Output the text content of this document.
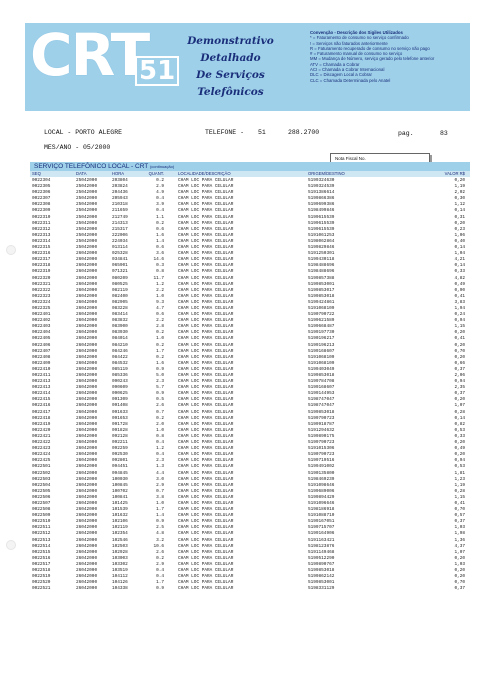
CRT
51
Demonstrativo Detalhado
De Serviços Telefônicos
Convenção - Descrição dos Sigiles Utilizados
* = Faturamento de consumo no serviço confirmado
! = Serviços não faturados anteriormente
R = Faturamento recuperado de consumo no serviço não pago
# = Faturamento manual de consumo no serviço
MM = Mudança de Número, serviço gerado pelo telefone anterior
ATV = Chamada a Cobrar
ACI = Chamada a Cobrar Internacional
DLC = Discagem Local a Cobrar
CLC = Chamada Determinada pelo Anatel
LOCAL - PORTO ALEGRE	TELEFONE - 51	288.2700	pag.	83
MES/ANO - 05/2000
Nota Fiscal No.
SERVIÇO TELEFÔNICO LOCAL - CRT (continuação)
SEQ	DATA	HORA	QUANT.	LOCALIDADE/DESCRIÇÃO	ORIGEM/DESTINO	VALOR R$
0022304	25042000	203804	0.2	CHAM LOC PARA CELULAR	5199324630	0,20
0022305	25042000	203824	2.9	CHAM LOC PARA CELULAR	5199324539	1,19
0022306	25042000	204436	4.9	CHAM LOC PARA CELULAR	5191386614	2,02
0022307	25042000	205943	0.4	CHAM LOC PARA CELULAR	5199866386	0,30
0022308	25042000	210318	3.9	CHAM LOC PARA CELULAR	5199699386	1,12
0022309	25042000	211659	0.4	CHAM LOC PARA CELULAR	5198499846	0,14
0022310	25042000	212749	1.1	CHAM LOC PARA CELULAR	5199615539	0,31
0022311	25042000	214313	0.2	CHAM LOC PARA CELULAR	5199615539	0,20
0022312	25042000	215317	0.6	CHAM LOC PARA CELULAR	5199615539	0,23
0022313	25042000	222006	1.6	CHAM LOC PARA CELULAR	5191061253	1,06
0022314	25042000	224034	1.4	CHAM LOC PARA CELULAR	5198062864	0,40
0022315	25042000	013114	0.6	CHAM LOC PARA CELULAR	5199829846	0,14
0022316	26042000	025328	3.6	CHAM LOC PARA CELULAR	5191250301	1,04
0022317	26042000	034841	14.6	CHAM LOC PARA CELULAR	5199430118	4,21
0022318	26042000	065901	0.3	CHAM LOC PARA CELULAR	5198488696	0,14
0022319	26042000	071321	0.8	CHAM LOC PARA CELULAR	5198488696	0,33
0022320	26042000	080209	11.7	CHAM LOC PARA CELULAR	5199857388	4,82
0022321	26042000	080525	1.2	CHAM LOC PARA CELULAR	5199853001	0,49
0022322	26042000	082119	2.2	CHAM LOC PARA CELULAR	5199853017	0,90
0022323	26042000	082400	1.0	CHAM LOC PARA CELULAR	5199853018	0,41
0022324	26042000	082905	9.3	CHAM LOC PARA CELULAR	5199424861	3,83
0022325	26042000	083228	4.7	CHAM LOC PARA CELULAR	5191068109	1,94
0022401	26042000	083414	0.6	CHAM LOC PARA CELULAR	5190790722	0,24
0022402	26042000	083832	2.2	CHAM LOC PARA CELULAR	5199621589	0,94
0022403	26042000	083900	2.8	CHAM LOC PARA CELULAR	5199668487	1,15
0022404	26042000	083930	0.2	CHAM LOC PARA CELULAR	5199197730	0,20
0022405	26042000	084014	1.0	CHAM LOC PARA CELULAR	5190196217	0,41
0022406	26042000	084210	0.2	CHAM LOC PARA CELULAR	5199196213	0,20
0022407	26042000	084246	1.7	CHAM LOC PARA CELULAR	5199168607	0,70
0022408	26042000	084422	0.2	CHAM LOC PARA CELULAR	5191068109	0,20
0022409	26042000	084532	1.6	CHAM LOC PARA CELULAR	5191068109	0,66
0022410	26042000	085119	0.9	CHAM LOC PARA CELULAR	5199403049	0,37
0022411	26042000	085336	5.0	CHAM LOC PARA CELULAR	5199853018	2,06
0022413	26042000	090243	2.3	CHAM LOC PARA CELULAR	5199784708	0,94
0022413	26042000	090609	5.7	CHAM LOC PARA CELULAR	5199168607	2,35
0022414	26042000	090625	0.9	CHAM LOC PARA CELULAR	5199144953	0,37
0022415	26042000	091309	0.5	CHAM LOC PARA CELULAR	5198747047	0,20
0022416	26042000	091408	2.6	CHAM LOC PARA CELULAR	5198747047	1,07
0022417	26042000	091633	0.7	CHAM LOC PARA CELULAR	5199853018	0,28
0022418	26042000	091653	0.2	CHAM LOC PARA CELULAR	5199790723	0,14
0022419	26042000	091728	2.0	CHAM LOC PARA CELULAR	5199918787	0,82
0022420	26042000	091828	1.0	CHAM LOC PARA CELULAR	5191294632	0,53
0022421	26042000	092128	0.8	CHAM LOC PARA CELULAR	5199890175	0,33
0022422	26042000	092211	0.4	CHAM LOC PARA CELULAR	5199790723	0,20
0022423	26042000	092259	1.2	CHAM LOC PARA CELULAR	5191015306	0,49
0022424	26042000	092530	0.4	CHAM LOC PARA CELULAR	5190790723	0,20
0022425	26042000	092801	2.3	CHAM LOC PARA CELULAR	5199719516	0,94
0022501	26042000	094451	1.3	CHAM LOC PARA CELULAR	5199491002	0,53
0022502	26042000	094845	4.4	CHAM LOC PARA CELULAR	5190135800	1,81
0022503	26042000	100030	3.0	CHAM LOC PARA CELULAR	5198469239	1,23
0022504	26042000	100845	2.9	CHAM LOC PARA CELULAR	5191098646	1,19
0022505	26042000	100702	0.7	CHAM LOC PARA CELULAR	5199689006	0,28
0022506	26042000	100841	3.8	CHAM LOC PARA CELULAR	5199894429	1,15
0022507	26042000	101425	1.0	CHAM LOC PARA CELULAR	5191096646	0,41
0022508	26042000	101539	1.7	CHAM LOC PARA CELULAR	5198186918	0,70
0022509	26042000	101632	1.4	CHAM LOC PARA CELULAR	5191088710	0,57
0022510	26042000	102106	0.9	CHAM LOC PARA CELULAR	5199167051	0,37
0022511	26042000	102119	2.5	CHAM LOC PARA CELULAR	5199715707	1,03
0022512	26042000	102354	4.8	CHAM LOC PARA CELULAR	5199164906	1,98
0022513	26042000	102546	3.2	CHAM LOC PARA CELULAR	5191163421	1,36
0022514	26042000	102503	10.6	CHAM LOC PARA CELULAR	5198123876	4,37
0022515	26042000	102928	2.6	CHAM LOC PARA CELULAR	5191149468	1,07
0022516	26042000	103003	0.2	CHAM LOC PARA CELULAR	5199512290	0,20
0022517	26042000	103302	2.9	CHAM LOC PARA CELULAR	5199890767	1,03
0022518	26042000	103519	0.4	CHAM LOC PARA CELULAR	5199853018	0,20
0022519	26042000	104112	0.4	CHAM LOC PARA CELULAR	5199862142	0,20
0022520	26042000	104126	1.7	CHAM LOC PARA CELULAR	5199853001	0,70
0022521	26042000	104338	0.9	CHAM LOC PARA CELULAR	5198331129	0,37
